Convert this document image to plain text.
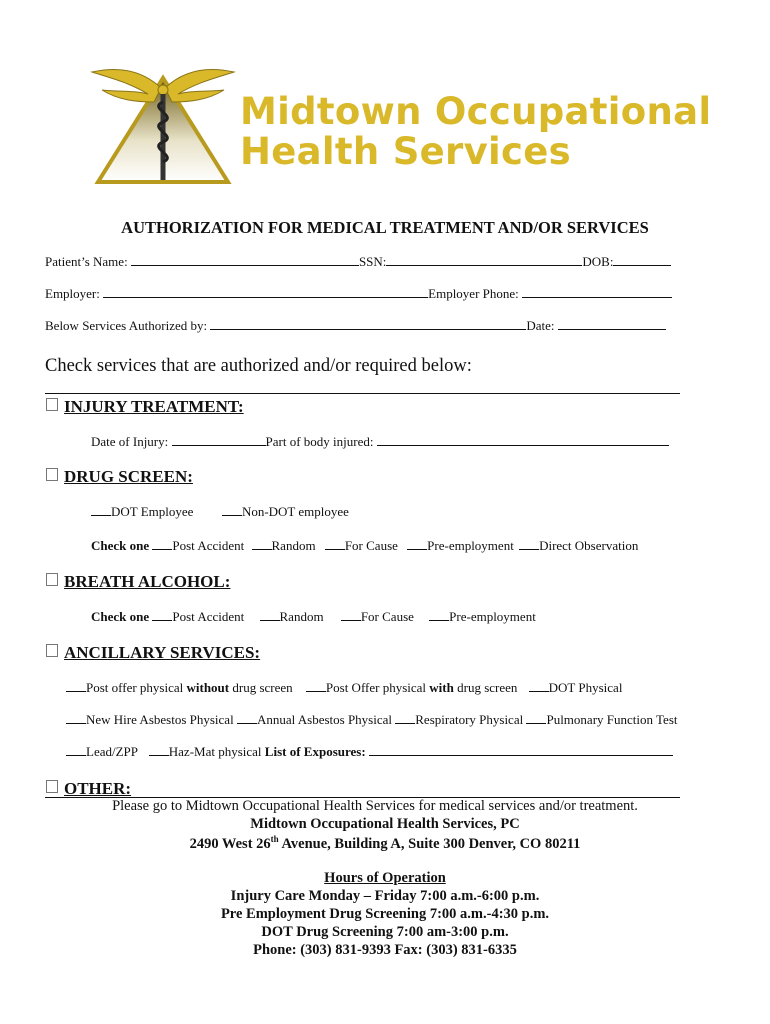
Midtown Occupational
Health Services
AUTHORIZATION FOR MEDICAL TREATMENT AND/OR SERVICES
Patient’s Name:	SSN:	DOB:
Employer:	Employer Phone:
Below Services Authorized by:	Date:
Check services that are authorized and/or required below:
INJURY TREATMENT:
Date of Injury:	Part of body injured:
DRUG SCREEN:
DOT Employee	Non-DOT employee
Check one Post Accident Random For Cause Pre-employment Direct Observation
BREATH ALCOHOL:
Check one Post Accident	Random	For Cause	Pre-employment
ANCILLARY SERVICES:
Post offer physical without drug screen	Post Offer physical with drug screen DOT Physical
New Hire Asbestos Physical Annual Asbestos Physical Respiratory Physical Pulmonary Function Test
Lead/ZPP Haz-Mat physical List of Exposures:
OTHER:
Please go to Midtown Occupational Health Services for medical services and/or treatment.
Midtown Occupational Health Services, PC
2490 West 26th Avenue, Building A, Suite 300 Denver, CO 80211
Hours of Operation
Injury Care Monday – Friday 7:00 a.m.-6:00 p.m.
Pre Employment Drug Screening 7:00 a.m.-4:30 p.m.
DOT Drug Screening 7:00 am-3:00 p.m.
Phone: (303) 831-9393 Fax: (303) 831-6335
